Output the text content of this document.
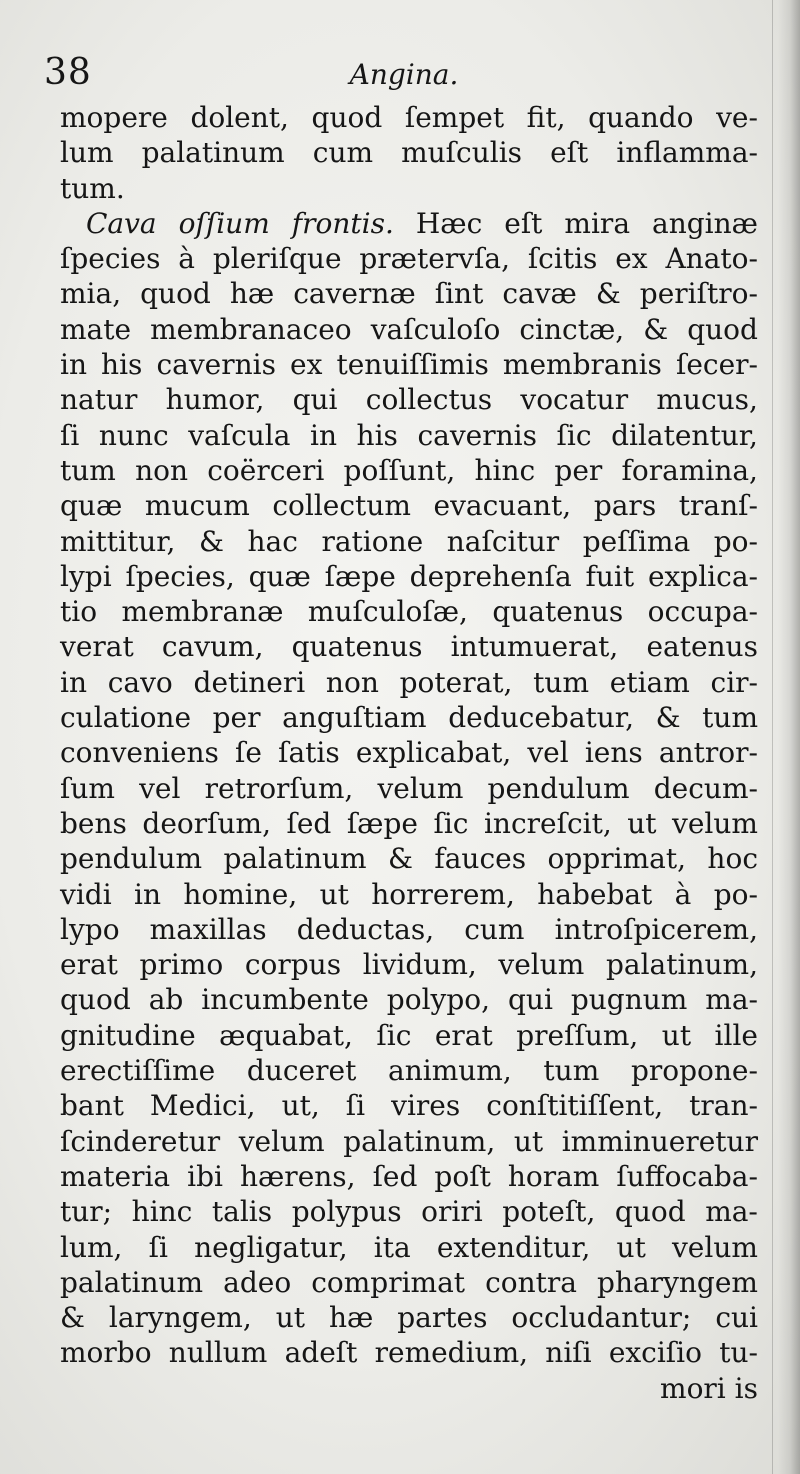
38	Angina.
mopere dolent, quod ſempet fit, quando ve-
lum palatinum cum muſculis eſt inflamma-
tum.
Cava oſſium frontis. Hæc eſt mira anginæ
ſpecies à pleriſque prætervſa, ſcitis ex Anato-
mia, quod hæ cavernæ ſint cavæ & periſtro-
mate membranaceo vaſculoſo cinctæ, & quod
in his cavernis ex tenuiſſimis membranis ſecer-
natur humor, qui collectus vocatur mucus,
ſi nunc vaſcula in his cavernis ſic dilatentur,
tum non coërceri poſſunt, hinc per foramina,
quæ mucum collectum evacuant, pars tranſ-
mittitur, & hac ratione naſcitur peſſima po-
lypi ſpecies, quæ ſæpe deprehenſa fuit explica-
tio membranæ muſculoſæ, quatenus occupa-
verat cavum, quatenus intumuerat, eatenus
in cavo detineri non poterat, tum etiam cir-
culatione per anguſtiam deducebatur, & tum
conveniens ſe ſatis explicabat, vel iens antror-
ſum vel retrorſum, velum pendulum decum-
bens deorſum, ſed ſæpe ſic increſcit, ut velum
pendulum palatinum & fauces opprimat, hoc
vidi in homine, ut horrerem, habebat à po-
lypo maxillas deductas, cum introſpicerem,
erat primo corpus lividum, velum palatinum,
quod ab incumbente polypo, qui pugnum ma-
gnitudine æquabat, ſic erat preſſum, ut ille
erectiſſime duceret animum, tum propone-
bant Medici, ut, ſi vires conſtitiſſent, tran-
ſcinderetur velum palatinum, ut imminueretur
materia ibi hærens, ſed poſt horam ſuffocaba-
tur; hinc talis polypus oriri poteſt, quod ma-
lum, ſi negligatur, ita extenditur, ut velum
palatinum adeo comprimat contra pharyngem
& laryngem, ut hæ partes occludantur; cui
morbo nullum adeſt remedium, niſi exciſio tu-
mori is
